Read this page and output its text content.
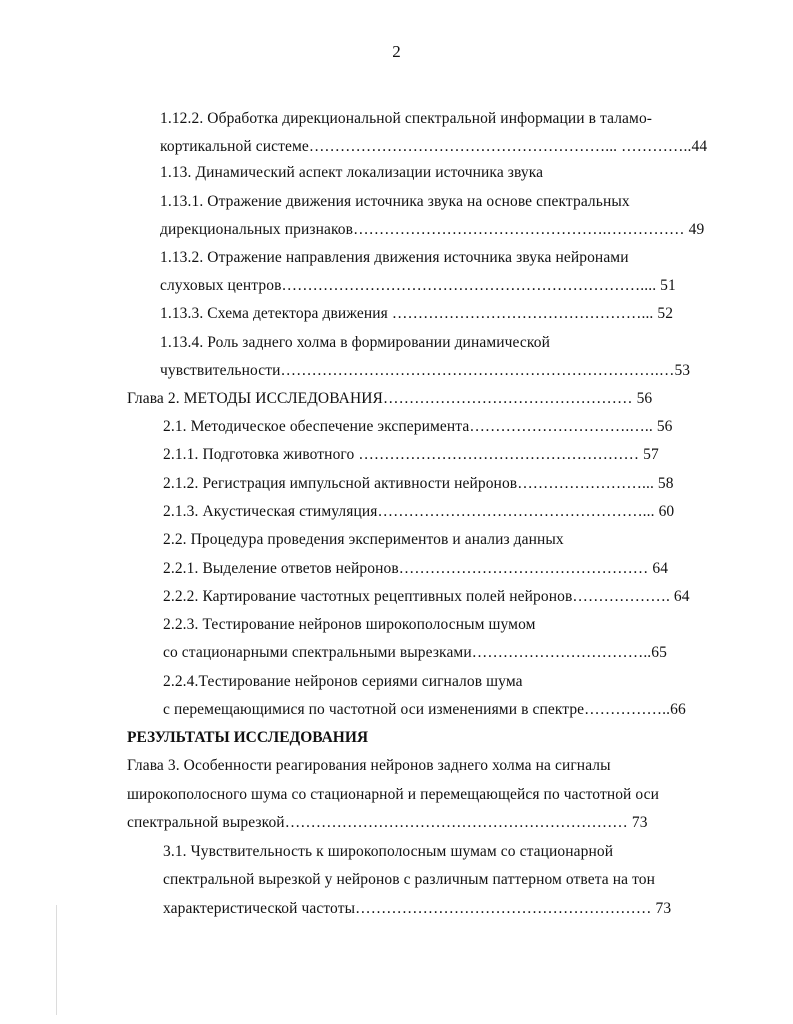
2
1.12.2. Обработка дирекциональной спектральной информации в таламо-
кортикальной системе…………………………………………………... …………..44
1.13. Динамический аспект локализации источника звука
1.13.1. Отражение движения источника звука на основе спектральных
дирекциональных признаков………………………………………….…………… 49
1.13.2. Отражение направления движения источника звука нейронами
слуховых центров…………………………………………………………….... 51
1.13.3. Схема детектора движения …………………………………………... 52
1.13.4. Роль заднего холма в формировании динамической
чувствительности……………………………………………………………….…53
Глава 2. МЕТОДЫ ИССЛЕДОВАНИЯ………………………………………… 56
2.1. Методическое обеспечение эксперимента………………………….….. 56
2.1.1. Подготовка животного ……………………………………………… 57
2.1.2. Регистрация импульсной активности нейронов……………………... 58
2.1.3. Акустическая стимуляция……………………………………………... 60
2.2. Процедура проведения экспериментов и анализ данных
2.2.1. Выделение ответов нейронов………………………………………… 64
2.2.2. Картирование частотных рецептивных полей нейронов………………. 64
2.2.3. Тестирование нейронов широкополосным шумом
со стационарными спектральными вырезками……………………………..65
2.2.4.Тестирование нейронов сериями сигналов шума
с перемещающимися по частотной оси изменениями в спектре……………..66
РЕЗУЛЬТАТЫ ИССЛЕДОВАНИЯ
Глава 3. Особенности реагирования нейронов заднего холма на сигналы
широкополосного шума со стационарной и перемещающейся по частотной оси
спектральной вырезкой………………………………………………………… 73
3.1. Чувствительность к широкополосным шумам со стационарной
спектральной вырезкой у нейронов с различным паттерном ответа на тон
характеристической частоты………………………………………………… 73
